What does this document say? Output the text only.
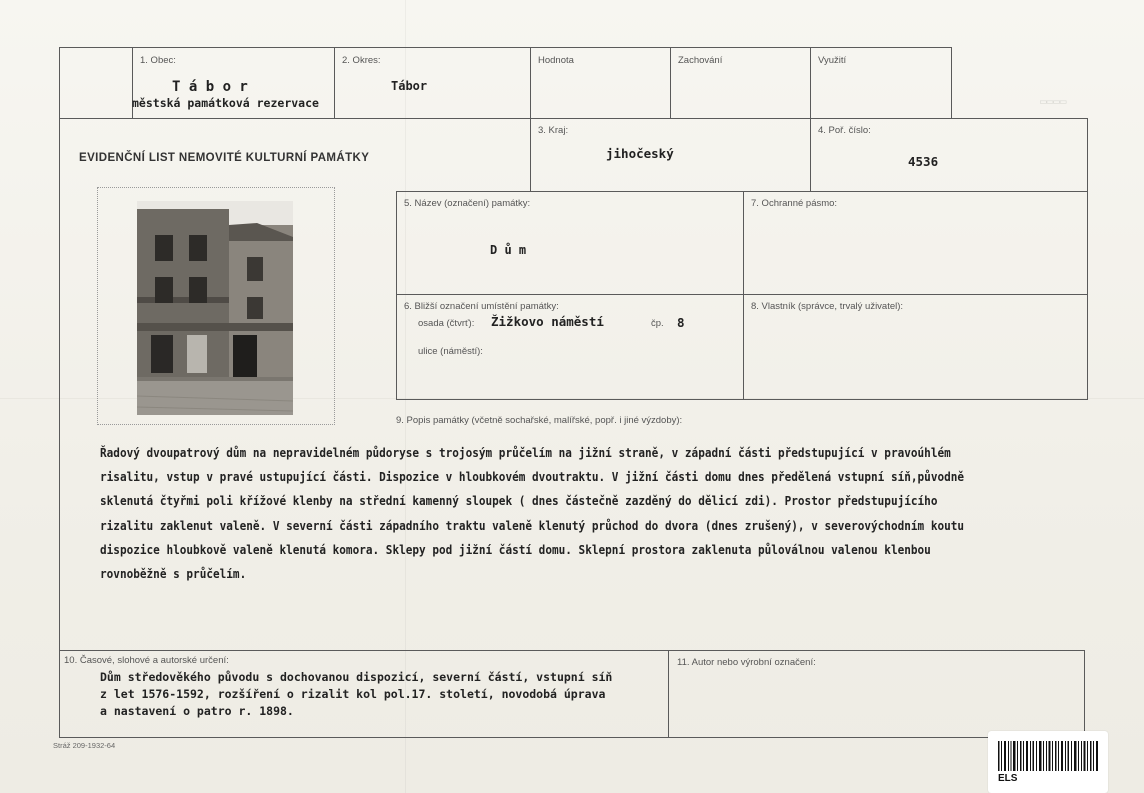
▭▭▭▭
1. Obec:
T á b o r
městská památková rezervace
2. Okres:
Tábor
Hodnota	Zachování	Využití
EVIDENČNÍ LIST NEMOVITÉ KULTURNÍ PAMÁTKY
3. Kraj:
jihočeský
4. Poř. číslo:
4536
5. Název (označení) památky:
D ů m
7. Ochranné pásmo:
6. Bližší označení umístění památky:
osada (čtvrť): Žižkovo náměstí	čp. 8
ulice (náměstí):
8. Vlastník (správce, trvalý uživatel):
9. Popis památky (včetně sochařské, malířské, popř. i jiné výzdoby):
Řadový dvoupatrový dům na nepravidelném půdoryse s trojosým průčelím na jižní straně, v západní části předstupující v pravoúhlém
risalitu, vstup v pravé ustupující části. Dispozice v hloubkovém dvoutraktu. V jižní části domu dnes předělená vstupní síň,původně
sklenutá čtyřmi poli křížové klenby na střední kamenný sloupek ( dnes částečně zazděný do dělicí zdi). Prostor předstupujícího
rizalitu zaklenut valeně. V severní části západního traktu valeně klenutý průchod do dvora (dnes zrušený), v severovýchodním koutu
dispozice hloubkově valeně klenutá komora. Sklepy pod jižní částí domu. Sklepní prostora zaklenuta půloválnou valenou klenbou
rovnoběžně s průčelím.
10. Časové, slohové a autorské určení:
Dům středověkého původu s dochovanou dispozicí, severní částí, vstupní síň
z let 1576-1592, rozšíření o rizalit kol pol.17. století, novodobá úprava
a nastavení o patro r. 1898.
11. Autor nebo výrobní označení:
Stráž 209-1932-64
ELS
